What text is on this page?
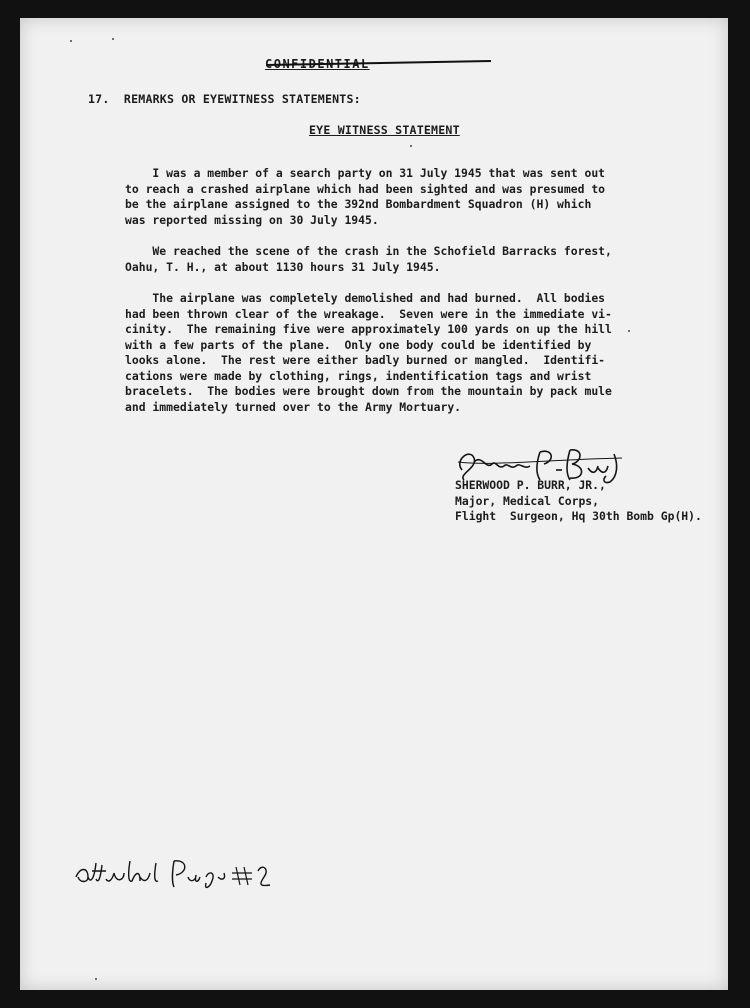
17.  REMARKS OR EYEWITNESS STATEMENTS:
EYE WITNESS STATEMENT
I was a member of a search party on 31 July 1945 that was sent out
to reach a crashed airplane which had been sighted and was presumed to
be the airplane assigned to the 392nd Bombardment Squadron (H) which
was reported missing on 30 July 1945.
We reached the scene of the crash in the Schofield Barracks forest,
Oahu, T. H., at about 1130 hours 31 July 1945.
The airplane was completely demolished and had burned.  All bodies
had been thrown clear of the wreakage.  Seven were in the immediate vi-
cinity.  The remaining five were approximately 100 yards on up the hill
with a few parts of the plane.  Only one body could be identified by
looks alone.  The rest were either badly burned or mangled.  Identifi-
cations were made by clothing, rings, indentification tags and wrist
bracelets.  The bodies were brought down from the mountain by pack mule
and immediately turned over to the Army Mortuary.
SHERWOOD P. BURR, JR.,
Major, Medical Corps,
Flight  Surgeon, Hq 30th Bomb Gp(H).
